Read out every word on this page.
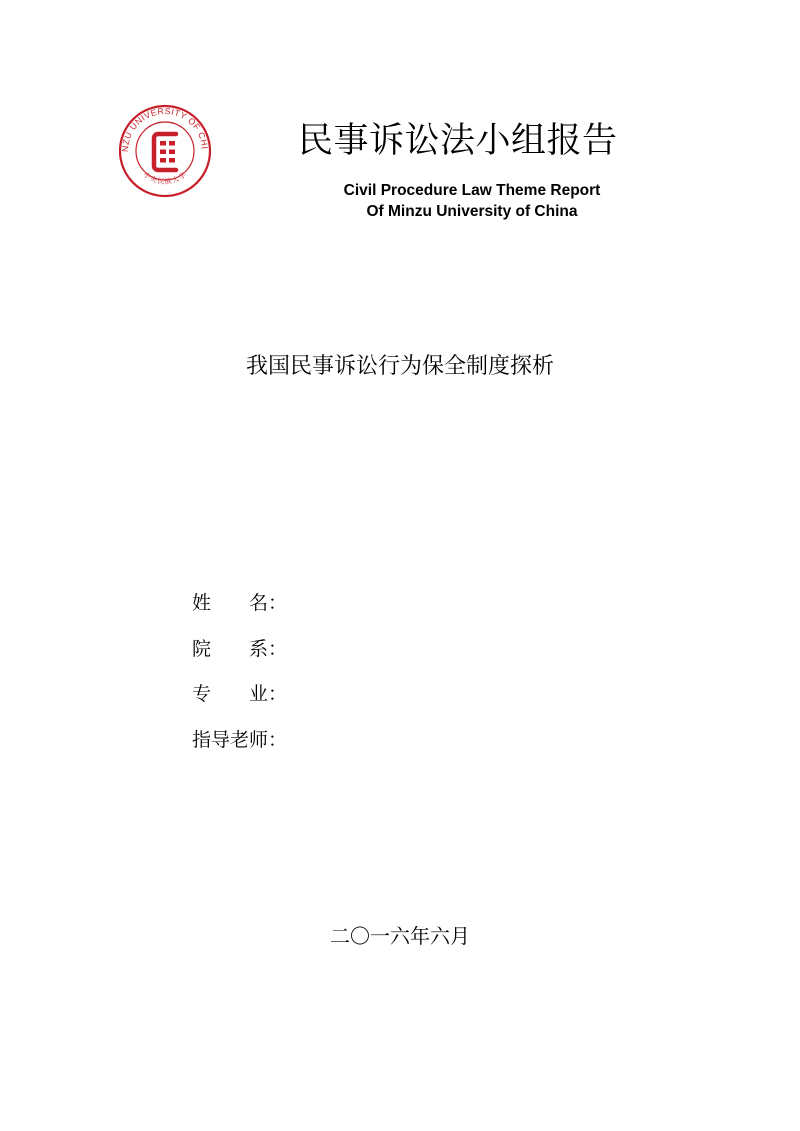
NZU UNIVERSITY OF CHI
中央民族大学
民事诉讼法小组报告
Civil Procedure Law Theme Report
Of Minzu University of China
我国民事诉讼行为保全制度探析
姓名 ：
院系 ：
专业 ：
指导老师 ：
二〇一六年六月
